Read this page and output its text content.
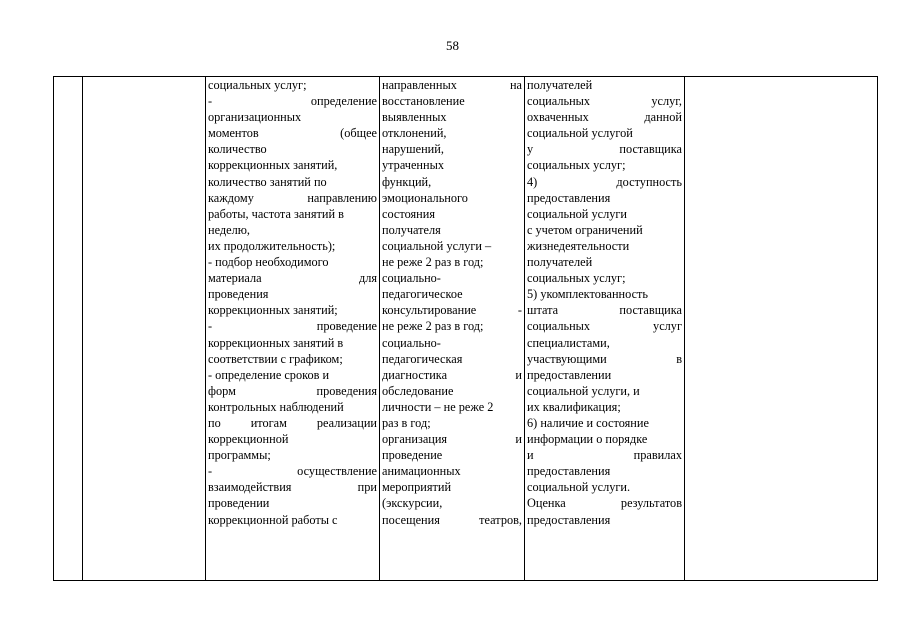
58

социальных услуг;
- определение
организационных
моментов (общее
количество
коррекционных занятий,
количество занятий по
каждому направлению
работы, частота занятий в
неделю,
их продолжительность);
- подбор необходимого
материала для
проведения
коррекционных занятий;
- проведение
коррекционных занятий в
соответствии с графиком;
- определение сроков и
форм проведения
контрольных наблюдений
по итогам реализации
коррекционной
программы;
- осуществление
взаимодействия при
проведении
коррекционной работы с

направленных на
восстановление
выявленных
отклонений,
нарушений,
утраченных
функций,
эмоционального
состояния
получателя
социальной услуги –
не реже 2 раз в год;
социально-
педагогическое
консультирование -
не реже 2 раз в год;
социально-
педагогическая
диагностика и
обследование
личности – не реже 2
раз в год;
организация и
проведение
анимационных
мероприятий
(экскурсии,
посещения театров,

получателей
социальных услуг,
охваченных данной
социальной услугой
у поставщика
социальных услуг;
4) доступность
предоставления
социальной услуги
с учетом ограничений
жизнедеятельности
получателей
социальных услуг;
5) укомплектованность
штата поставщика
социальных услуг
специалистами,
участвующими в
предоставлении
социальной услуги, и
их квалификация;
6) наличие и состояние
информации о порядке
и правилах
предоставления
социальной услуги.
Оценка результатов
предоставления
